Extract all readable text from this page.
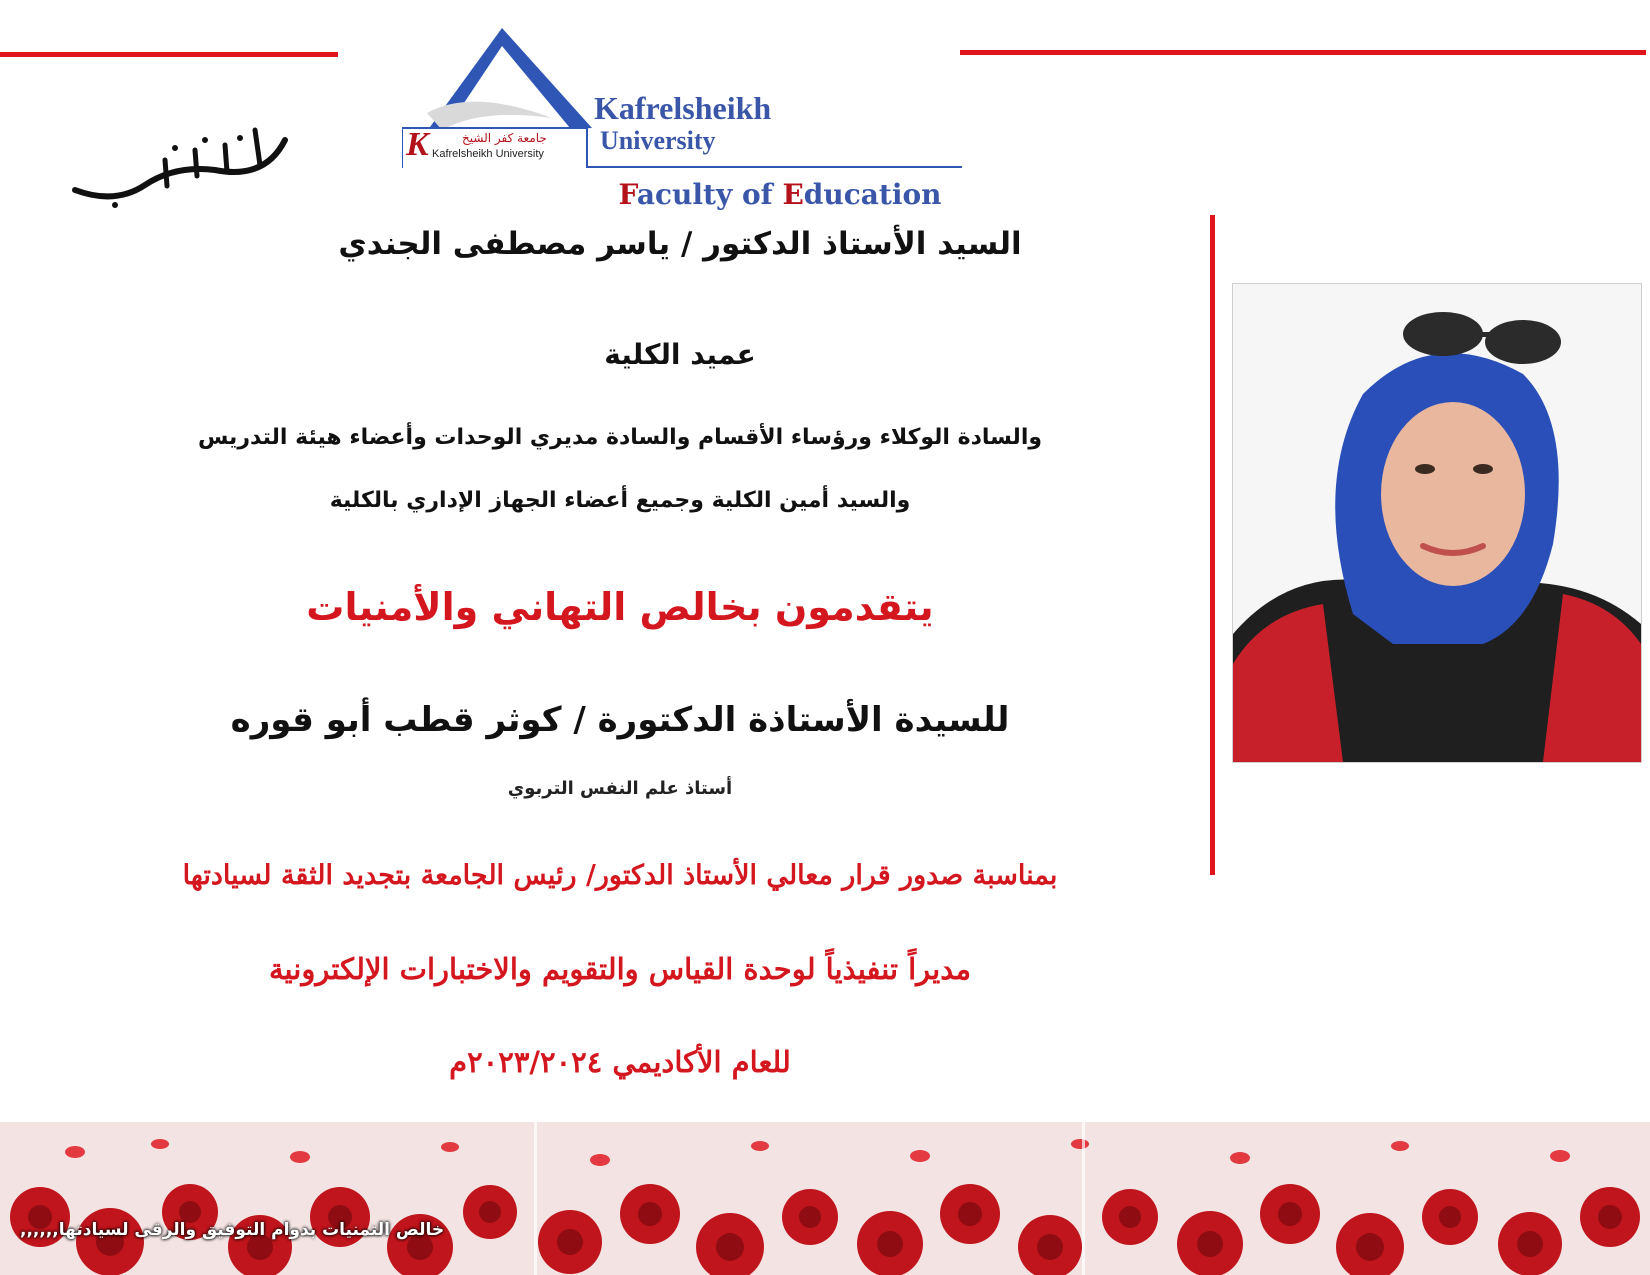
K	جامعة كفر الشيخ
Kafrelsheikh University
Kafrelsheikh
University
Faculty of Education
السيد الأستاذ الدكتور / ياسر مصطفى الجندي
عميد الكلية
والسادة الوكلاء ورؤساء الأقسام والسادة مديري الوحدات وأعضاء هيئة التدريس
والسيد أمين الكلية وجميع أعضاء الجهاز الإداري بالكلية
يتقدمون بخالص التهاني والأمنيات
للسيدة الأستاذة الدكتورة / كوثر قطب أبو قوره
أستاذ علم النفس التربوي
بمناسبة صدور قرار معالي الأستاذ الدكتور/ رئيس الجامعة بتجديد الثقة لسيادتها
مديراً تنفيذياً لوحدة القياس والتقويم والاختبارات الإلكترونية
للعام الأكاديمي ٢٠٢٣/٢٠٢٤م
خالص التمنيات بدوام التوفيق والرقى لسيادتها,,,,,,
